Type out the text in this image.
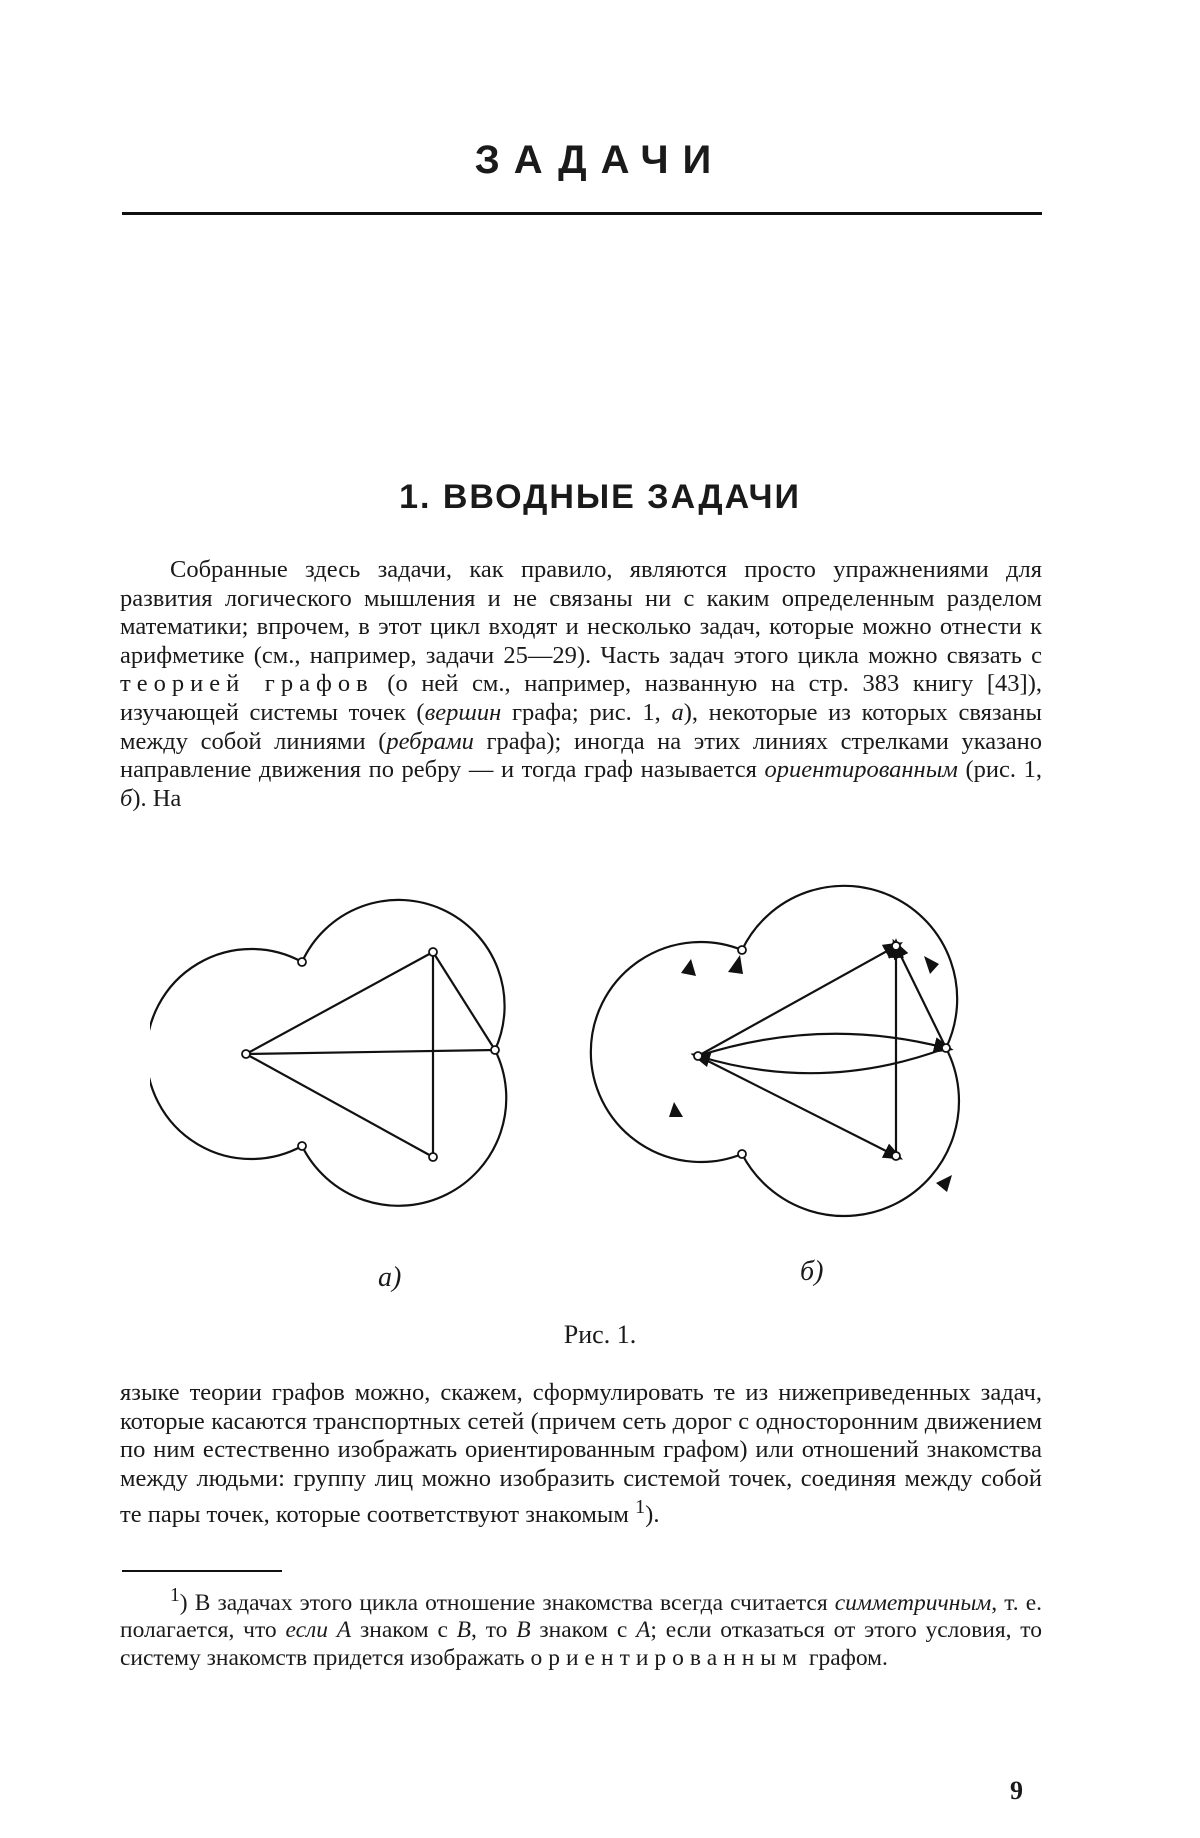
ЗАДАЧИ
1. ВВОДНЫЕ ЗАДАЧИ

Собранные здесь задачи, как правило, являются просто упражнениями для развития логического мышления и не связаны ни с каким определенным разделом математики; впрочем, в этот цикл входят и несколько задач, которые можно отнести к арифметике (см., например, задачи 25—29). Часть задач этого цикла можно связать с теорией графов (о ней см., например, названную на стр. 383 книгу [43]), изучающей системы точек (вершин графа; рис. 1, а), некоторые из которых связаны между собой линиями (ребрами графа); иногда на этих линиях стрелками указано направление движения по ребру — и тогда граф называется ориентированным (рис. 1, б). На

а)	б)
Рис. 1.

языке теории графов можно, скажем, сформулировать те из нижеприведенных задач, которые касаются транспортных сетей (причем сеть дорог с односторонним движением по ним естественно изображать ориентированным графом) или отношений знакомства между людьми: группу лиц можно изобразить системой точек, соединяя между собой те пары точек, которые соответствуют знакомым $^1$).

$^1$) В задачах этого цикла отношение знакомства всегда считается симметричным, т. е. полагается, что если А знаком с В, то В знаком с А; если отказаться от этого условия, то систему знакомств придется изображать ориентированным графом.

9
